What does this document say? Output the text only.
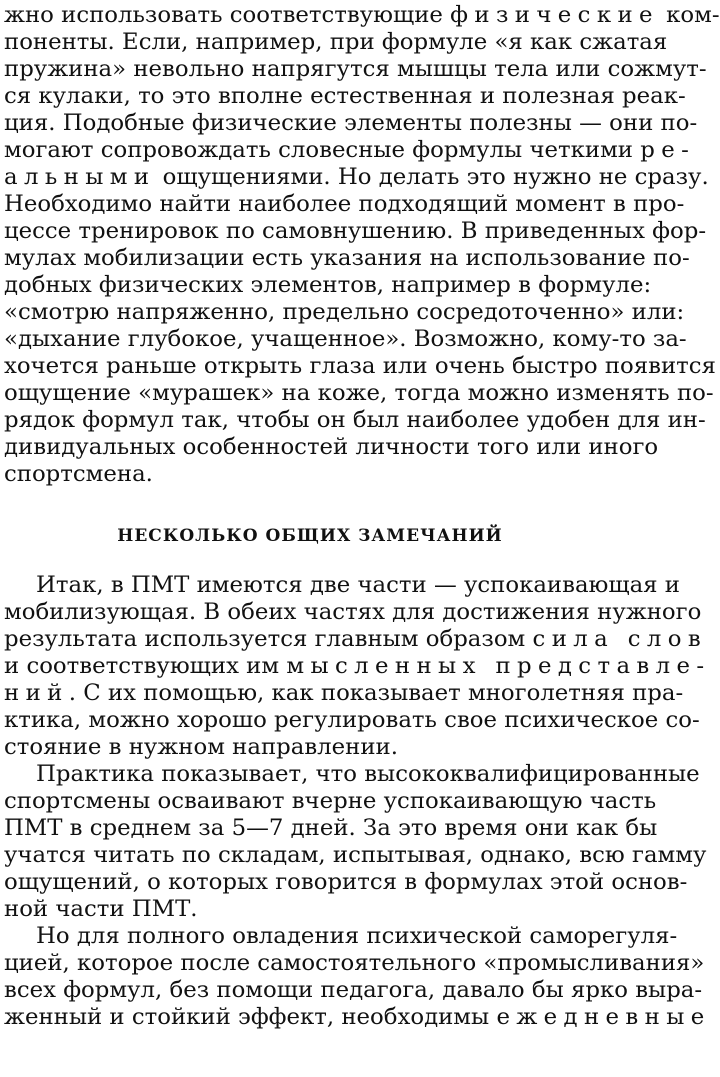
жно использовать соответствующие физические ком-
поненты. Если, например, при формуле «я как сжатая
пружина» невольно напрягутся мышцы тела или сожмут-
ся кулаки, то это вполне естественная и полезная реак-
ция. Подобные физические элементы полезны — они по-
могают сопровождать словесные формулы четкими ре-
альными ощущениями. Но делать это нужно не сразу.
Необходимо найти наиболее подходящий момент в про-
цессе тренировок по самовнушению. В приведенных фор-
мулах мобилизации есть указания на использование по-
добных физических элементов, например в формуле:
«смотрю напряженно, предельно сосредоточенно» или:
«дыхание глубокое, учащенное». Возможно, кому-то за-
хочется раньше открыть глаза или очень быстро появится
ощущение «мурашек» на коже, тогда можно изменять по-
рядок формул так, чтобы он был наиболее удобен для ин-
дивидуальных особенностей личности того или иного
спортсмена.
НЕСКОЛЬКО ОБЩИХ ЗАМЕЧАНИЙ
Итак, в ПМТ имеются две части — успокаивающая и
мобилизующая. В обеих частях для достижения нужного
результата используется главным образом сила слов
и соответствующих им мысленных представле-
ний. С их помощью, как показывает многолетняя пра-
ктика, можно хорошо регулировать свое психическое со-
стояние в нужном направлении.
Практика показывает, что высококвалифицированные
спортсмены осваивают вчерне успокаивающую часть
ПМТ в среднем за 5—7 дней. За это время они как бы
учатся читать по складам, испытывая, однако, всю гамму
ощущений, о которых говорится в формулах этой основ-
ной части ПМТ.
Но для полного овладения психической саморегуля-
цией, которое после самостоятельного «промысливания»
всех формул, без помощи педагога, давало бы ярко выра-
женный и стойкий эффект, необходимы ежедневные
